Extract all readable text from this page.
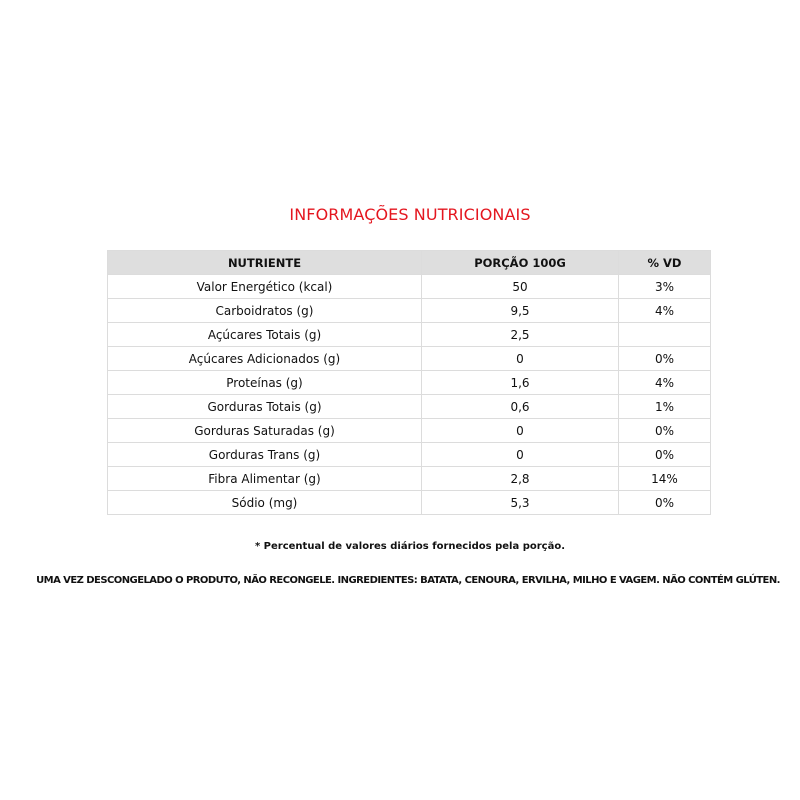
INFORMAÇÕES NUTRICIONAIS
NUTRIENTE	PORÇÃO 100G	% VD
Valor Energético (kcal)	50	3%
Carboidratos (g)	9,5	4%
Açúcares Totais (g)	2,5	
Açúcares Adicionados (g)	0	0%
Proteínas (g)	1,6	4%
Gorduras Totais (g)	0,6	1%
Gorduras Saturadas (g)	0	0%
Gorduras Trans (g)	0	0%
Fibra Alimentar (g)	2,8	14%
Sódio (mg)	5,3	0%
* Percentual de valores diários fornecidos pela porção.
UMA VEZ DESCONGELADO O PRODUTO, NÃO RECONGELE. INGREDIENTES: BATATA, CENOURA, ERVILHA, MILHO E VAGEM. NÃO CONTÉM GLÚTEN.
